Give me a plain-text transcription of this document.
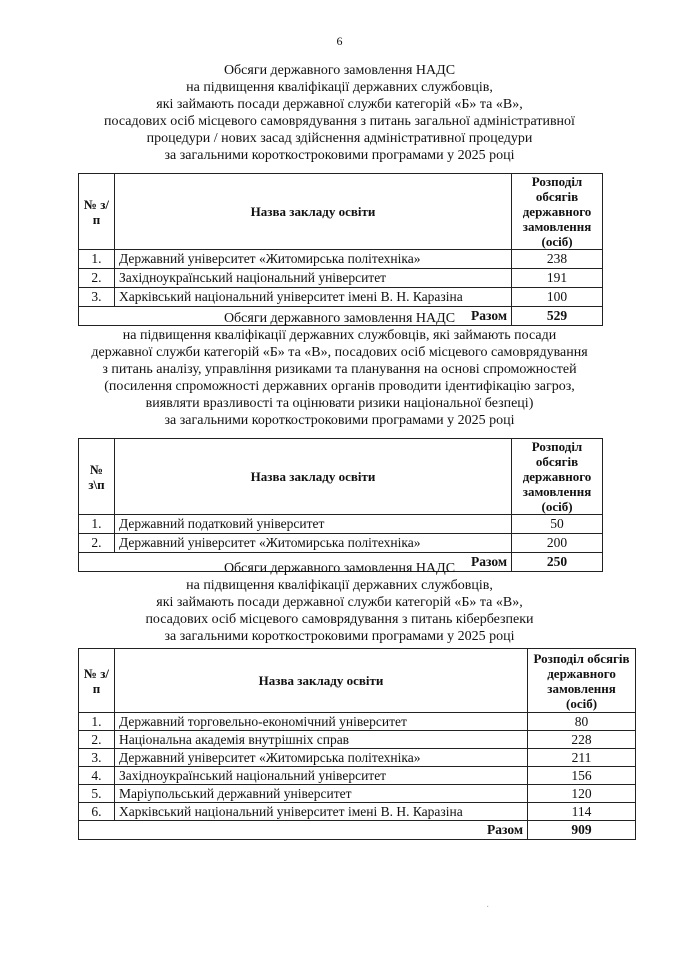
6
Обсяги державного замовлення НАДС
на підвищення кваліфікації державних службовців,
які займають посади державної служби категорій «Б» та «В»,
посадових осіб місцевого самоврядування з питань загальної адміністративної
процедури / нових засад здійснення адміністративної процедури
за загальними короткостроковими програмами у 2025 році
№ з/п	Назва закладу освіти	Розподіл обсягів державного замовлення (осіб)
1.	Державний університет «Житомирська політехніка»	238
2.	Західноукраїнський національний університет	191
3.	Харківський національний університет імені В. Н. Каразіна	100
Разом		529
Обсяги державного замовлення НАДС
на підвищення кваліфікації державних службовців, які займають посади
державної служби категорій «Б» та «В», посадових осіб місцевого самоврядування
з питань аналізу, управління ризиками та планування на основі спроможностей
(посилення спроможності державних органів проводити ідентифікацію загроз,
виявляти вразливості та оцінювати ризики національної безпеці)
за загальними короткостроковими програмами у 2025 році
№ з\п	Назва закладу освіти	Розподіл обсягів державного замовлення (осіб)
1.	Державний податковий університет	50
2.	Державний університет «Житомирська політехніка»	200
Разом		250
Обсяги державного замовлення НАДС
на підвищення кваліфікації державних службовців,
які займають посади державної служби категорій «Б» та «В»,
посадових осіб місцевого самоврядування з питань кібербезпеки
за загальними короткостроковими програмами у 2025 році
№ з/п	Назва закладу освіти	Розподіл обсягів державного замовлення (осіб)
1.	Державний торговельно-економічний університет	80
2.	Національна академія внутрішніх справ	228
3.	Державний університет «Житомирська політехніка»	211
4.	Західноукраїнський національний університет	156
5.	Маріупольський державний університет	120
6.	Харківський національний університет імені В. Н. Каразіна	114
Разом		909
·
